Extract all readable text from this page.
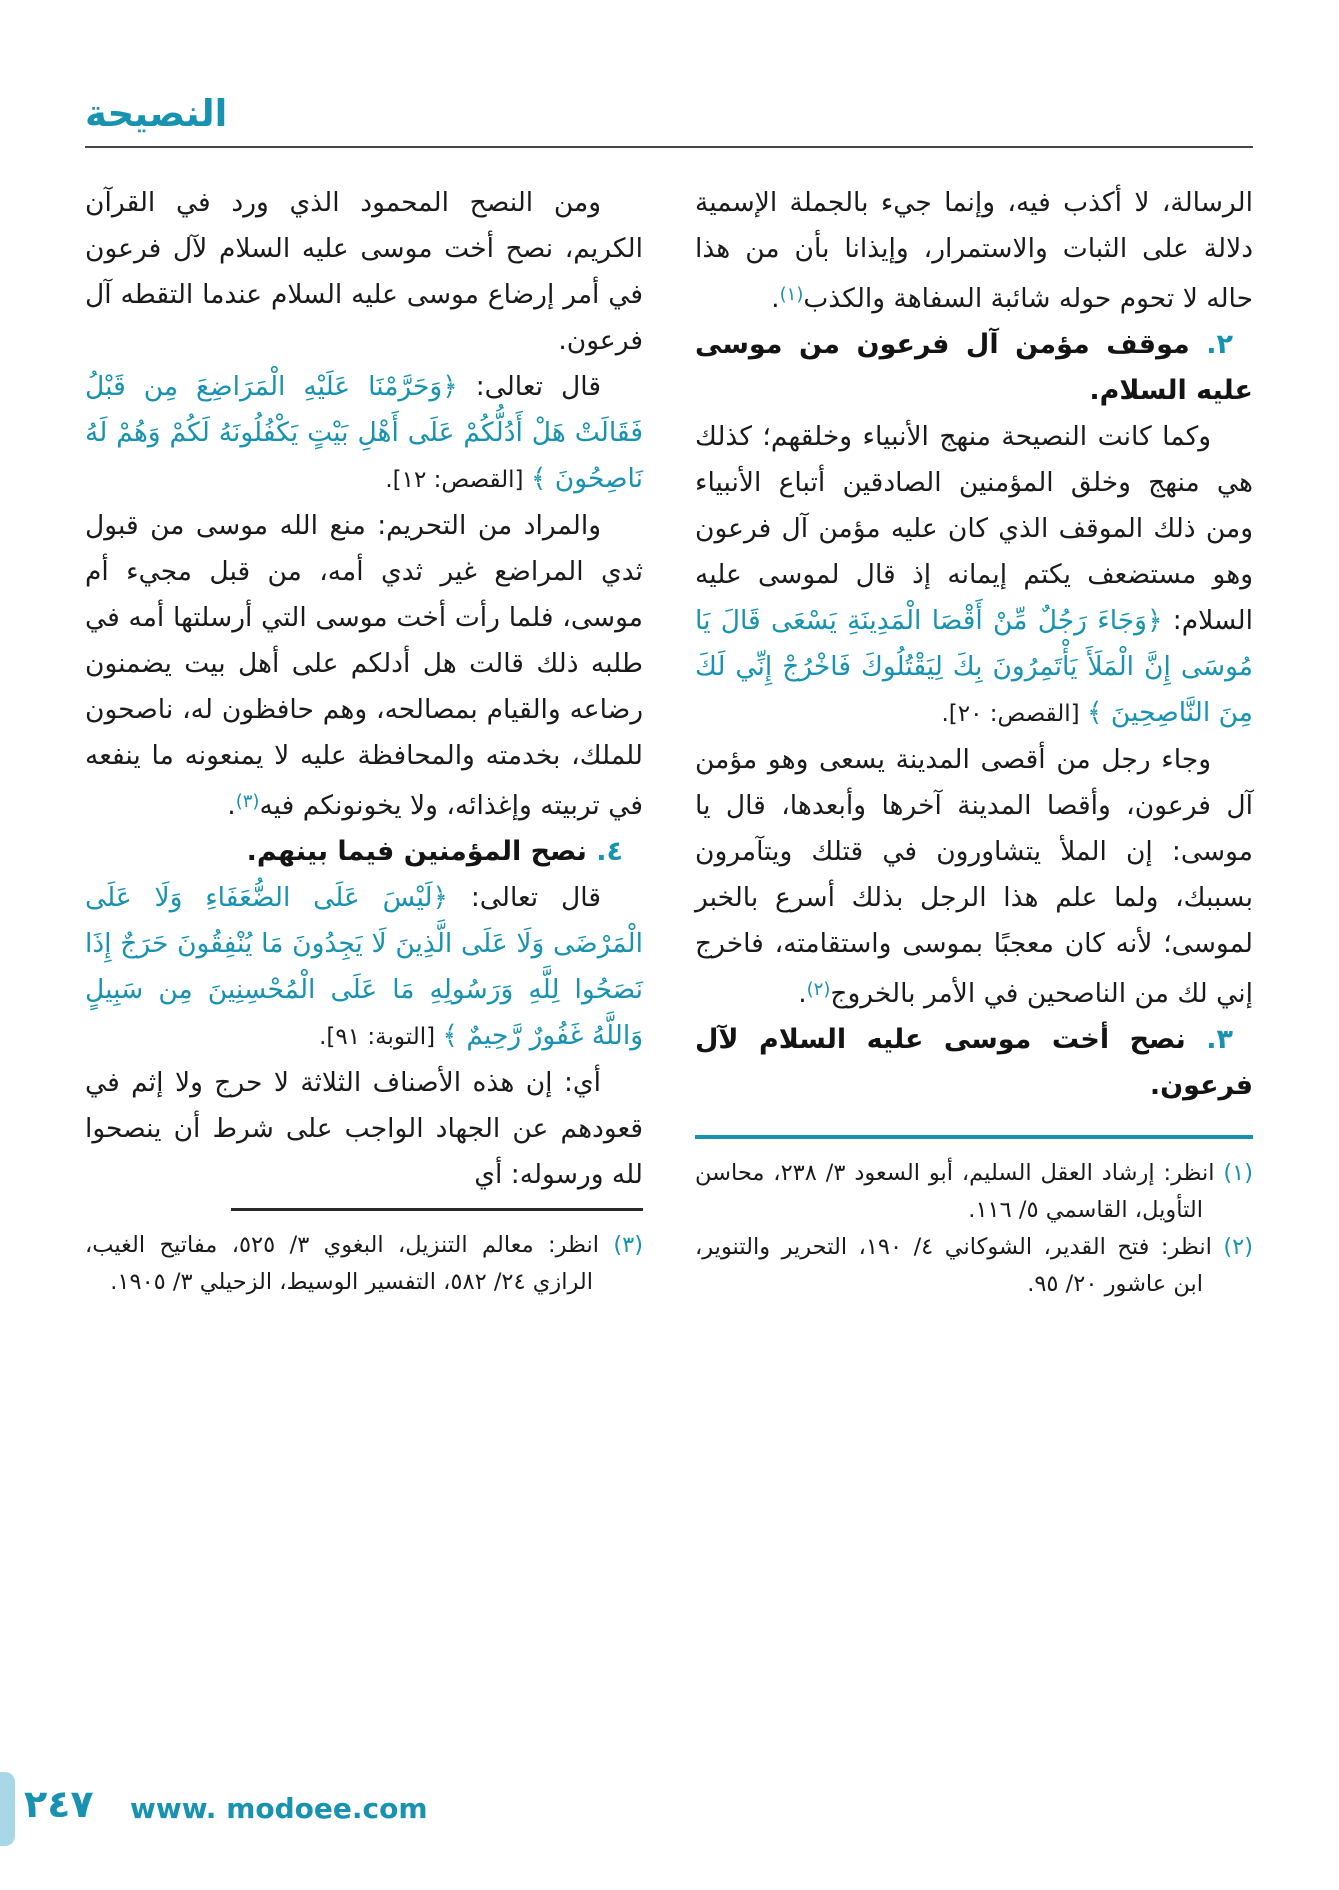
النصيحة

الرسالة، لا أكذب فيه، وإنما جيء بالجملة الإسمية دلالة على الثبات والاستمرار، وإيذانا بأن من هذا حاله لا تحوم حوله شائبة السفاهة والكذب$^{(١)}$.

٢. موقف مؤمن آل فرعون من موسى عليه السلام.

وكما كانت النصيحة منهج الأنبياء وخلقهم؛ كذلك هي منهج وخلق المؤمنين الصادقين أتباع الأنبياء ومن ذلك الموقف الذي كان عليه مؤمن آل فرعون وهو مستضعف يكتم إيمانه إذ قال لموسى عليه السلام: ﴿وَجَاءَ رَجُلٌ مِّنْ أَقْصَا الْمَدِينَةِ يَسْعَى قَالَ يَا مُوسَى إِنَّ الْمَلَأَ يَأْتَمِرُونَ بِكَ لِيَقْتُلُوكَ فَاخْرُجْ إِنِّي لَكَ مِنَ النَّاصِحِينَ ﴾ [القصص: ٢٠].

وجاء رجل من أقصى المدينة يسعى وهو مؤمن آل فرعون، وأقصا المدينة آخرها وأبعدها، قال يا موسى: إن الملأ يتشاورون في قتلك ويتآمرون بسببك، ولما علم هذا الرجل بذلك أسرع بالخبر لموسى؛ لأنه كان معجبًا بموسى واستقامته، فاخرج إني لك من الناصحين في الأمر بالخروج$^{(٢)}$.

٣. نصح أخت موسى عليه السلام لآل فرعون.

(١) انظر: إرشاد العقل السليم، أبو السعود ٣/ ٢٣٨، محاسن التأويل، القاسمي ٥/ ١١٦.

(٢) انظر: فتح القدير، الشوكاني ٤/ ١٩٠، التحرير والتنوير، ابن عاشور ٢٠/ ٩٥.

ومن النصح المحمود الذي ورد في القرآن الكريم، نصح أخت موسى عليه السلام لآل فرعون في أمر إرضاع موسى عليه السلام عندما التقطه آل فرعون.

قال تعالى: ﴿وَحَرَّمْنَا عَلَيْهِ الْمَرَاضِعَ مِن قَبْلُ فَقَالَتْ هَلْ أَدُلُّكُمْ عَلَى أَهْلِ بَيْتٍ يَكْفُلُونَهُ لَكُمْ وَهُمْ لَهُ نَاصِحُونَ ﴾ [القصص: ١٢].

والمراد من التحريم: منع الله موسى من قبول ثدي المراضع غير ثدي أمه، من قبل مجيء أم موسى، فلما رأت أخت موسى التي أرسلتها أمه في طلبه ذلك قالت هل أدلكم على أهل بيت يضمنون رضاعه والقيام بمصالحه، وهم حافظون له، ناصحون للملك، بخدمته والمحافظة عليه لا يمنعونه ما ينفعه في تربيته وإغذائه، ولا يخونونكم فيه$^{(٣)}$.

٤. نصح المؤمنين فيما بينهم.

قال تعالى: ﴿لَيْسَ عَلَى الضُّعَفَاءِ وَلَا عَلَى الْمَرْضَى وَلَا عَلَى الَّذِينَ لَا يَجِدُونَ مَا يُنْفِقُونَ حَرَجٌ إِذَا نَصَحُوا لِلَّهِ وَرَسُولِهِ مَا عَلَى الْمُحْسِنِينَ مِن سَبِيلٍ وَاللَّهُ غَفُورٌ رَّحِيمٌ ﴾ [التوبة: ٩١].

أي: إن هذه الأصناف الثلاثة لا حرج ولا إثم في قعودهم عن الجهاد الواجب على شرط أن ينصحوا لله ورسوله: أي

(٣) انظر: معالم التنزيل، البغوي ٣/ ٥٢٥، مفاتيح الغيب، الرازي ٢٤/ ٥٨٢، التفسير الوسيط، الزحيلي ٣/ ١٩٠٥.

٢٤٧ www. modoee.com
